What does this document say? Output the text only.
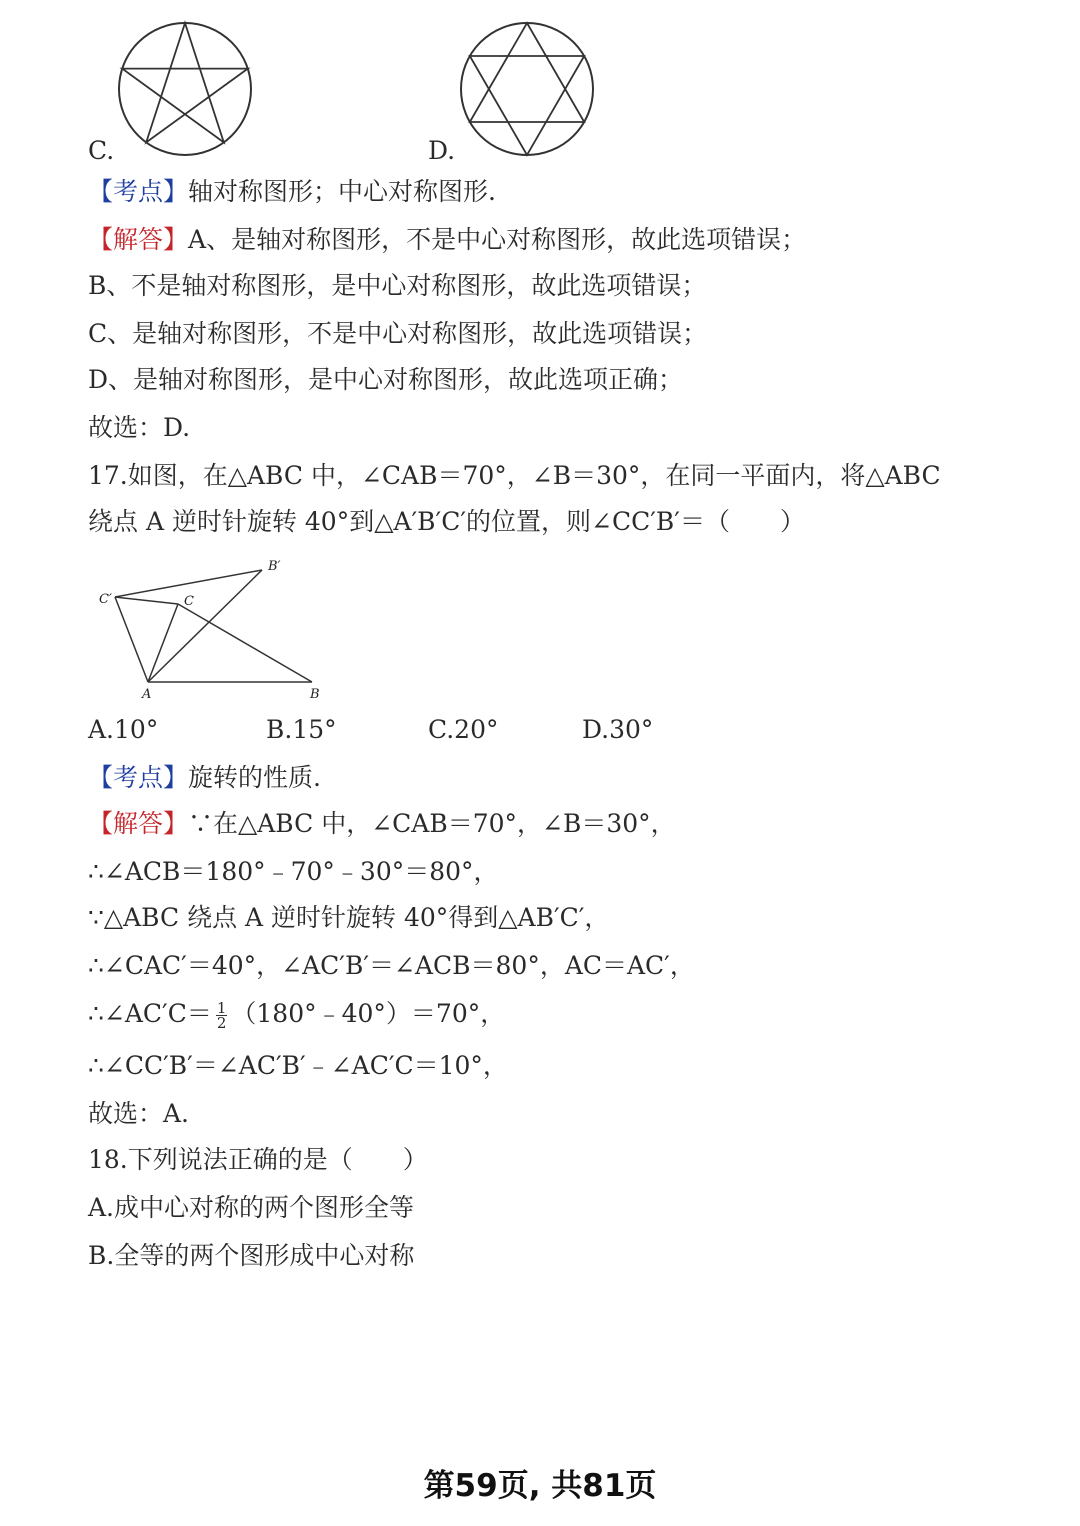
C.	D.
【考点】轴对称图形；中心对称图形.
【解答】A、是轴对称图形，不是中心对称图形，故此选项错误；
B、不是轴对称图形，是中心对称图形，故此选项错误；
C、是轴对称图形，不是中心对称图形，故此选项错误；
D、是轴对称图形，是中心对称图形，故此选项正确；
故选：D.
17.如图，在△ABC 中，∠CAB＝70°，∠B＝30°，在同一平面内，将△ABC
绕点 A 逆时针旋转 40°到△A′B′C′的位置，则∠CC′B′＝（　　）
A	B
C
C′
B′
A.10°	B.15°	C.20°	D.30°
【考点】旋转的性质.
【解答】∵在△ABC 中，∠CAB＝70°，∠B＝30°，
∴∠ACB＝180°﹣70°﹣30°＝80°，
∵△ABC 绕点 A 逆时针旋转 40°得到△AB′C′，
∴∠CAC′＝40°，∠AC′B′＝∠ACB＝80°，AC＝AC′，
∴∠AC′C＝ $\frac{1}{2}$ （180°﹣40°）＝70°，
∴∠CC′B′＝∠AC′B′﹣∠AC′C＝10°，
故选：A.
18.下列说法正确的是（　　）
A.成中心对称的两个图形全等
B.全等的两个图形成中心对称
第59页, 共81页
